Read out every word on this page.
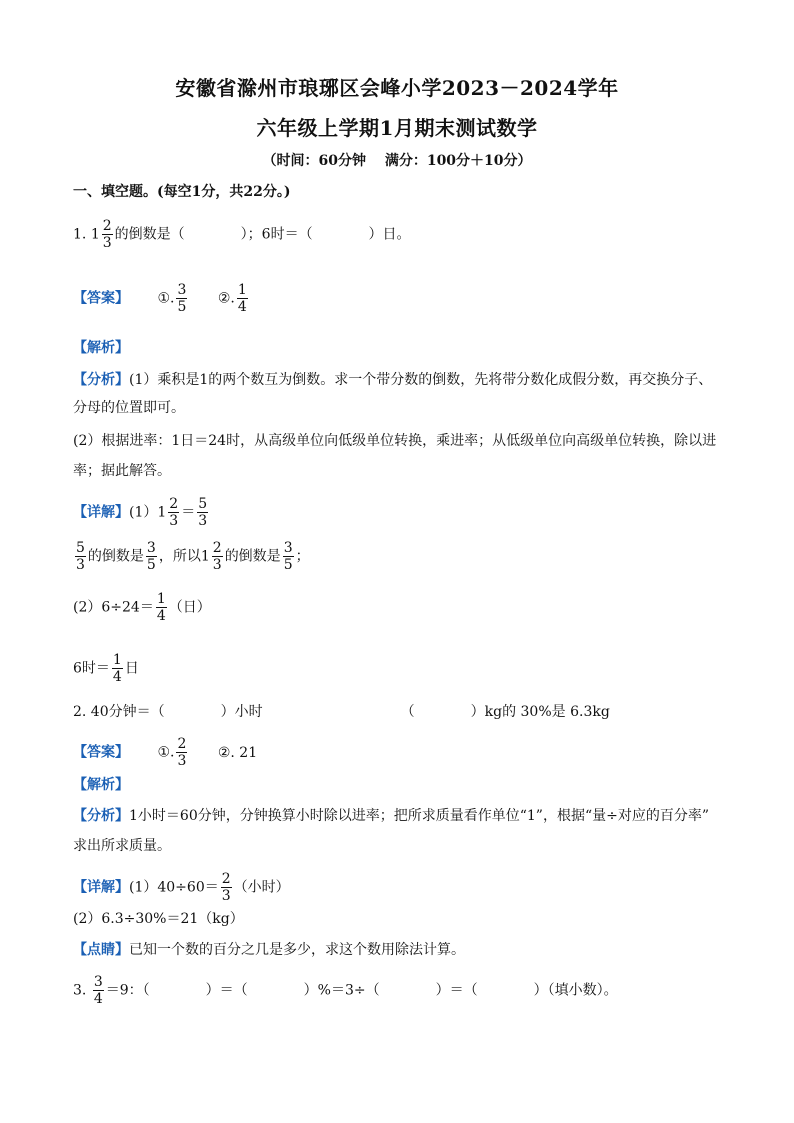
安徽省滁州市琅琊区会峰小学2023－2024学年
六年级上学期1月期末测试数学
（时间：60分钟　 满分：100分＋10分）
一、填空题。(每空1分，共22分。)
1. $1 \frac{2}{3}$ 的倒数是（　　　　）；6时＝（　　　　）日。
【答案】 ①. $\frac{3}{5}$ ②. $\frac{1}{4}$
【解析】
【分析】(1）乘积是1的两个数互为倒数。求一个带分数的倒数，先将带分数化成假分数，再交换分子、
分母的位置即可。
(2）根据进率：1日＝24时，从高级单位向低级单位转换，乘进率；从低级单位向高级单位转换，除以进
率；据此解答。
【详解】$(1)1 \frac{2}{3} = \frac{5}{3}$
$\frac{5}{3}$ 的倒数是 $\frac{3}{5}$ ，所以$1 \frac{2}{3}$ 的倒数是 $\frac{3}{5}$ ；
$(2)6\div 24= \frac{1}{4}$ （日）
6时＝ $\frac{1}{4}$ 日
2. 40分钟＝（　　　　）小时	（　　　　）kg的 30%是 6.3kg
【答案】 ①. $\frac{2}{3}$ ②. 21
【解析】
【分析】1小时＝60分钟，分钟换算小时除以进率；把所求质量看作单位“1”，根据“量÷对应的百分率”
求出所求质量。
【详解】$(1)40\div 60= \frac{2}{3}$ （小时）
(2）6.3÷30%＝21（kg）
【点睛】已知一个数的百分之几是多少，求这个数用除法计算。
3. $\frac{3}{4} =9$：（　　　　）＝（　　　　）%＝3÷（　　　　）＝（　　　　）（填小数）。
